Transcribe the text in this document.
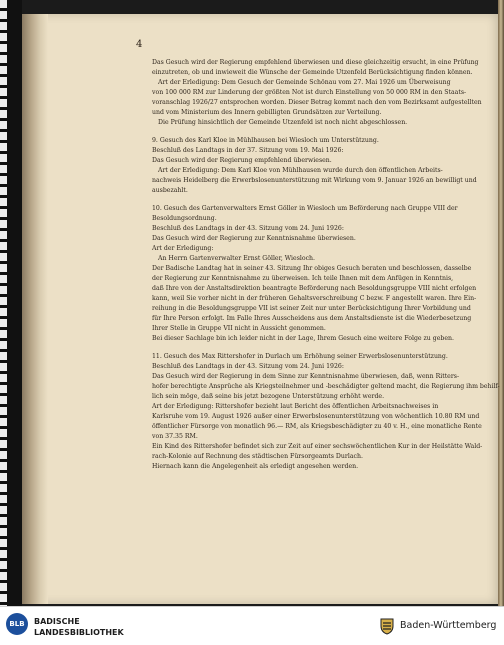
4
Das Gesuch wird der Regierung empfehlend überwiesen und diese gleichzeitig ersucht, in eine Prüfung
einzutreten, ob und inwieweit die Wünsche der Gemeinde Utzenfeld Berücksichtigung finden können.
Art der Erledigung: Dem Gesuch der Gemeinde Schönau vom 27. Mai 1926 um Überweisung
von 100 000 RM zur Linderung der größten Not ist durch Einstellung von 50 000 RM in den Staats-
voranschlag 1926/27 entsprochen worden. Dieser Betrag kommt nach den vom Bezirksamt aufgestellten
und vom Ministerium des Innern gebilligten Grundsätzen zur Verteilung.
Die Prüfung hinsichtlich der Gemeinde Utzenfeld ist noch nicht abgeschlossen.
9. Gesuch des Karl Kloe in Mühlhausen bei Wiesloch um Unterstützung.
Beschluß des Landtags in der 37. Sitzung vom 19. Mai 1926:
Das Gesuch wird der Regierung empfehlend überwiesen.
Art der Erledigung: Dem Karl Kloe von Mühlhausen wurde durch den öffentlichen Arbeits-
nachweis Heidelberg die Erwerbslosenunterstützung mit Wirkung vom 9. Januar 1926 an bewilligt und
ausbezahlt.
10. Gesuch des Gartenverwalters Ernst Göller in Wiesloch um Beförderung nach Gruppe VIII der
Besoldungsordnung.
Beschluß des Landtags in der 43. Sitzung vom 24. Juni 1926:
Das Gesuch wird der Regierung zur Kenntnisnahme überwiesen.
Art der Erledigung:
An Herrn Gartenverwalter Ernst Göller, Wiesloch.
Der Badische Landtag hat in seiner 43. Sitzung Ihr obiges Gesuch beraten und beschlossen, dasselbe
der Regierung zur Kenntnisnahme zu überweisen. Ich teile Ihnen mit dem Anfügen in Kenntnis,
daß Ihre von der Anstaltsdirektion beantragte Beförderung nach Besoldungsgruppe VIII nicht erfolgen
kann, weil Sie vorher nicht in der früheren Gehaltsverschreibung C bezw. F angestellt waren. Ihre Ein-
reihung in die Besoldungsgruppe VII ist seiner Zeit nur unter Berücksichtigung Ihrer Vorbildung und
für Ihre Person erfolgt. Im Falle Ihres Ausscheidens aus dem Anstaltsdienste ist die Wiederbesetzung
Ihrer Stelle in Gruppe VII nicht in Aussicht genommen.
Bei dieser Sachlage bin ich leider nicht in der Lage, Ihrem Gesuch eine weitere Folge zu geben.
11. Gesuch des Max Rittershofer in Durlach um Erhöhung seiner Erwerbslosenunterstützung.
Beschluß des Landtags in der 43. Sitzung vom 24. Juni 1926:
Das Gesuch wird der Regierung in dem Sinne zur Kenntnisnahme überwiesen, daß, wenn Ritters-
hofer berechtigte Ansprüche als Kriegsteilnehmer und -beschädigter geltend macht, die Regierung ihm behilf-
lich sein möge, daß seine bis jetzt bezogene Unterstützung erhöht werde.
Art der Erledigung: Rittershofer bezieht laut Bericht des öffentlichen Arbeitsnachweises in
Karlsruhe vom 19. August 1926 außer einer Erwerbslosenunterstützung von wöchentlich 10.80 RM und
öffentlicher Fürsorge von monatlich 96.— RM, als Kriegsbeschädigter zu 40 v. H., eine monatliche Rente
von 37.35 RM.
Ein Kind des Rittershofer befindet sich zur Zeit auf einer sechswöchentlichen Kur in der Heilstätte Wald-
rach-Kolonie auf Rechnung des städtischen Fürsorgeamts Durlach.
Hiernach kann die Angelegenheit als erledigt angesehen werden.
BLB	BADISCHE
LANDESBIBLIOTHEK
Baden-Württemberg
